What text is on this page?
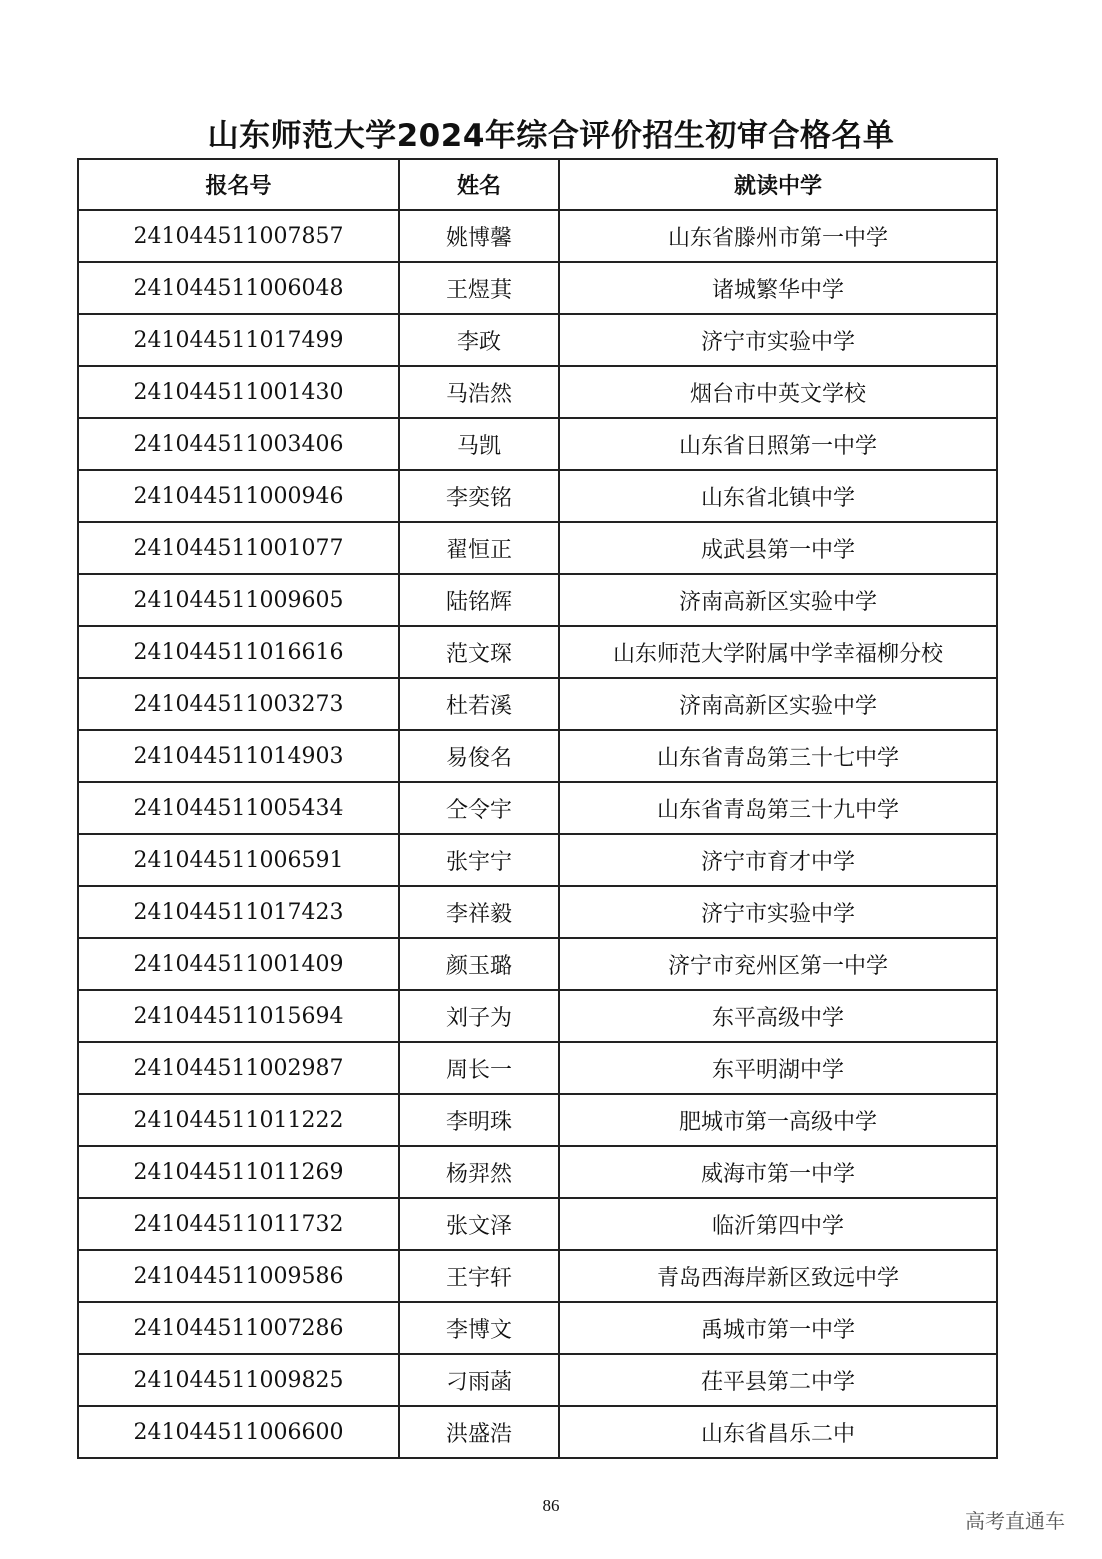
山东师范大学2024年综合评价招生初审合格名单
报名号	姓名	就读中学
241044511007857	姚博馨	山东省滕州市第一中学
241044511006048	王煜萁	诸城繁华中学
241044511017499	李政	济宁市实验中学
241044511001430	马浩然	烟台市中英文学校
241044511003406	马凯	山东省日照第一中学
241044511000946	李奕铭	山东省北镇中学
241044511001077	翟恒正	成武县第一中学
241044511009605	陆铭辉	济南高新区实验中学
241044511016616	范文琛	山东师范大学附属中学幸福柳分校
241044511003273	杜若溪	济南高新区实验中学
241044511014903	易俊名	山东省青岛第三十七中学
241044511005434	仝令宇	山东省青岛第三十九中学
241044511006591	张宇宁	济宁市育才中学
241044511017423	李祥毅	济宁市实验中学
241044511001409	颜玉璐	济宁市兖州区第一中学
241044511015694	刘子为	东平高级中学
241044511002987	周长一	东平明湖中学
241044511011222	李明珠	肥城市第一高级中学
241044511011269	杨羿然	威海市第一中学
241044511011732	张文泽	临沂第四中学
241044511009586	王宇轩	青岛西海岸新区致远中学
241044511007286	李博文	禹城市第一中学
241044511009825	刁雨菡	茌平县第二中学
241044511006600	洪盛浩	山东省昌乐二中
86
高考直通车
